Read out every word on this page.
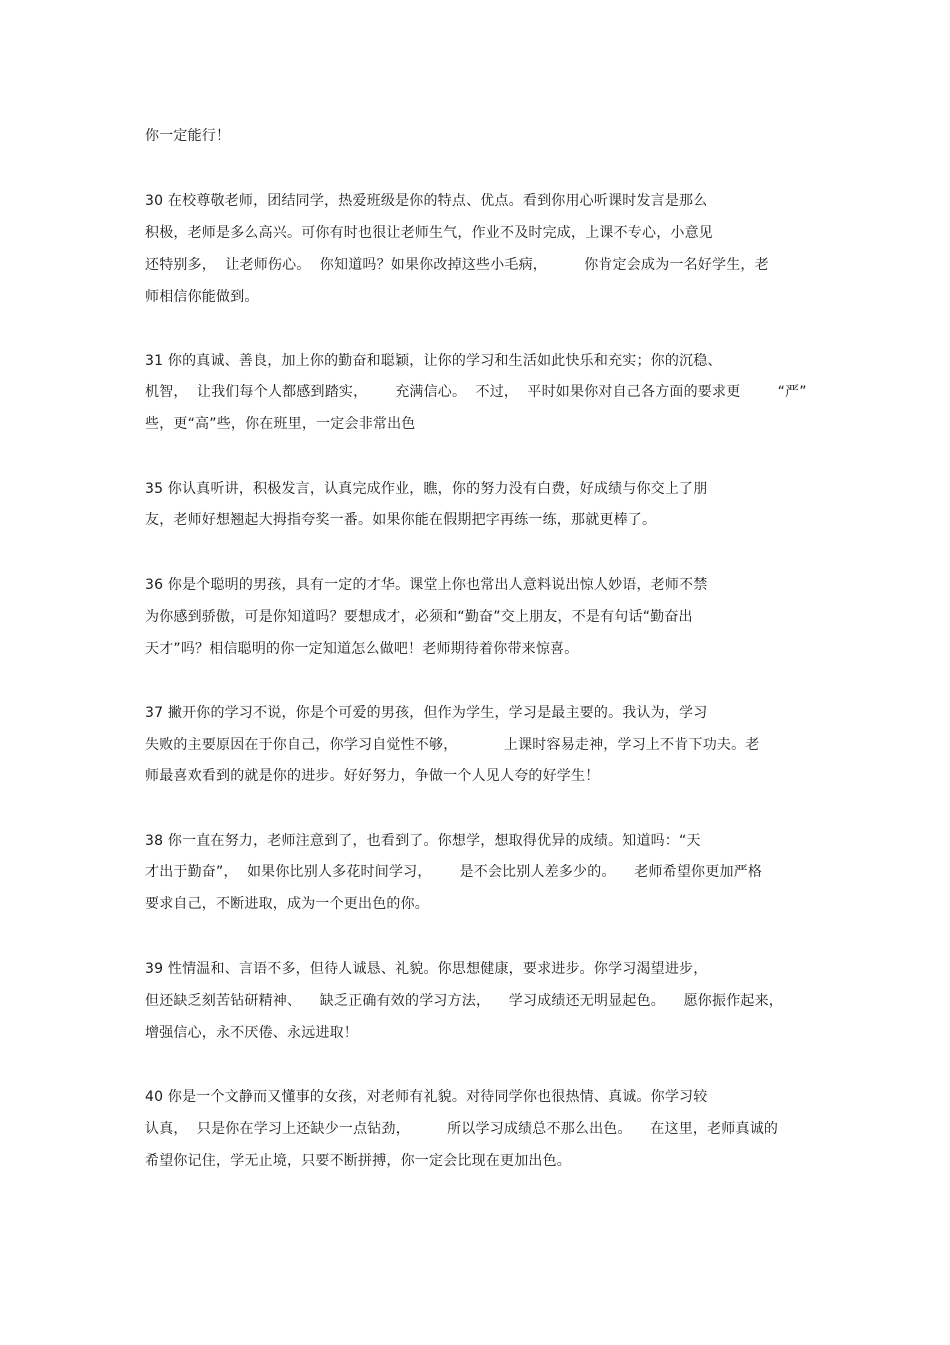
你一定能行！
30 在校尊敬老师，团结同学，热爱班级是你的特点、优点。看到你用心听课时发言是那么
积极，老师是多么高兴。可你有时也很让老师生气，作业不及时完成，上课不专心，小意见
还特别多，  让老师伤心。  你知道吗？如果你改掉这些小毛病，        你肯定会成为一名好学生，老
师相信你能做到。
31 你的真诚、善良，加上你的勤奋和聪颖，让你的学习和生活如此快乐和充实；你的沉稳、
机智，  让我们每个人都感到踏实，      充满信心。  不过，  平时如果你对自己各方面的要求更        “严”
些，更“高”些，你在班里，一定会非常出色
35 你认真听讲，积极发言，认真完成作业，瞧，你的努力没有白费，好成绩与你交上了朋
友，老师好想翘起大拇指夸奖一番。如果你能在假期把字再练一练，那就更棒了。
36 你是个聪明的男孩，具有一定的才华。课堂上你也常出人意料说出惊人妙语，老师不禁
为你感到骄傲，可是你知道吗？要想成才，必须和“勤奋”交上朋友，不是有句话“勤奋出
天才”吗？相信聪明的你一定知道怎么做吧！老师期待着你带来惊喜。
37 撇开你的学习不说，你是个可爱的男孩，但作为学生，学习是最主要的。我认为，学习
失败的主要原因在于你自己，你学习自觉性不够，          上课时容易走神，学习上不肯下功夫。老
师最喜欢看到的就是你的进步。好好努力，争做一个人见人夸的好学生！
38 你一直在努力，老师注意到了，也看到了。你想学，想取得优异的成绩。知道吗：“天
才出于勤奋”，  如果你比别人多花时间学习，      是不会比别人差多少的。    老师希望你更加严格
要求自己，不断进取，成为一个更出色的你。
39 性情温和、言语不多，但待人诚恳、礼貌。你思想健康，要求进步。你学习渴望进步，
但还缺乏刻苦钻研精神、    缺乏正确有效的学习方法，    学习成绩还无明显起色。    愿你振作起来，
增强信心，永不厌倦、永远进取！
40 你是一个文静而又懂事的女孩，对老师有礼貌。对待同学你也很热情、真诚。你学习较
认真，  只是你在学习上还缺少一点钻劲，        所以学习成绩总不那么出色。    在这里，老师真诚的
希望你记住，学无止境，只要不断拼搏，你一定会比现在更加出色。
